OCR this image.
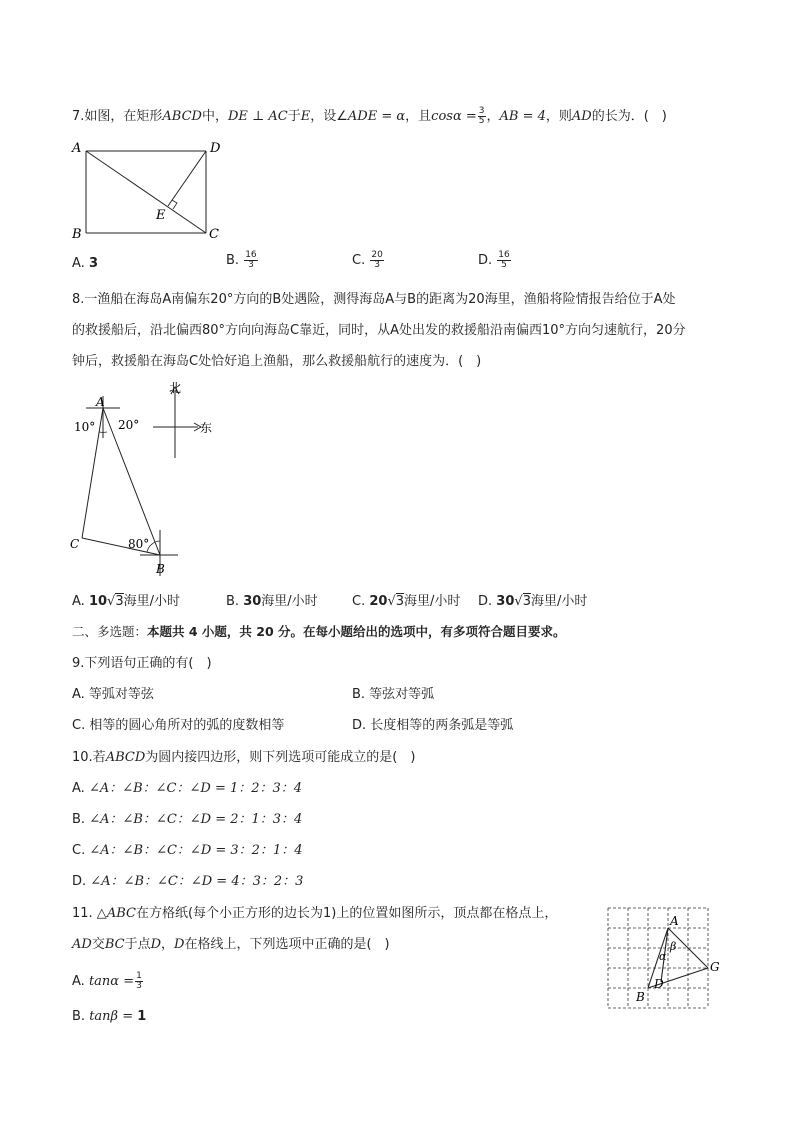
7.如图，在矩形ABCD中，DE ⊥ AC于E，设∠ADE = α，且$\cos\alpha = \frac{3}{5}$ ，AB = 4，则AD的长为．(　)
A	D
B	C
E
A. 3	B. $\frac{16}{3}$	C. $\frac{20}{3}$	D. $\frac{16}{5}$
8.一渔船在海岛A南偏东20°方向的B处遇险，测得海岛A与B的距离为20海里，渔船将险情报告给位于A处
的救援船后，沿北偏西80°方向向海岛C靠近，同时，从A处出发的救援船沿南偏西10°方向匀速航行，20分
钟后，救援船在海岛C处恰好追上渔船，那么救援船航行的速度为．(　)
北
东
A
10° 20°
C	80°
B
A. 10√3海里/小时	B. 30海里/小时	C. 20√3海里/小时 D. 30√3海里/小时
二、多选题：本题共 4 小题，共 20 分。在每小题给出的选项中，有多项符合题目要求。
9.下列语句正确的有(　)
A. 等弧对等弦	B. 等弦对等弧
C. 相等的圆心角所对的弧的度数相等	D. 长度相等的两条弧是等弧
10.若ABCD为圆内接四边形，则下列选项可能成立的是(　)
A. ∠A：∠B：∠C：∠D = 1：2：3：4
B. ∠A：∠B：∠C：∠D = 2：1：3：4
C. ∠A：∠B：∠C：∠D = 3：2：1：4
D. ∠A：∠B：∠C：∠D = 4：3：2：3
11. △ABC在方格纸(每个小正方形的边长为1)上的位置如图所示，顶点都在格点上，
AD交BC于点D，D在格线上，下列选项中正确的是(　)
A. $\tan\alpha = \frac{1}{3}$
B. tanβ = 1
A
B
D
G
α
β
